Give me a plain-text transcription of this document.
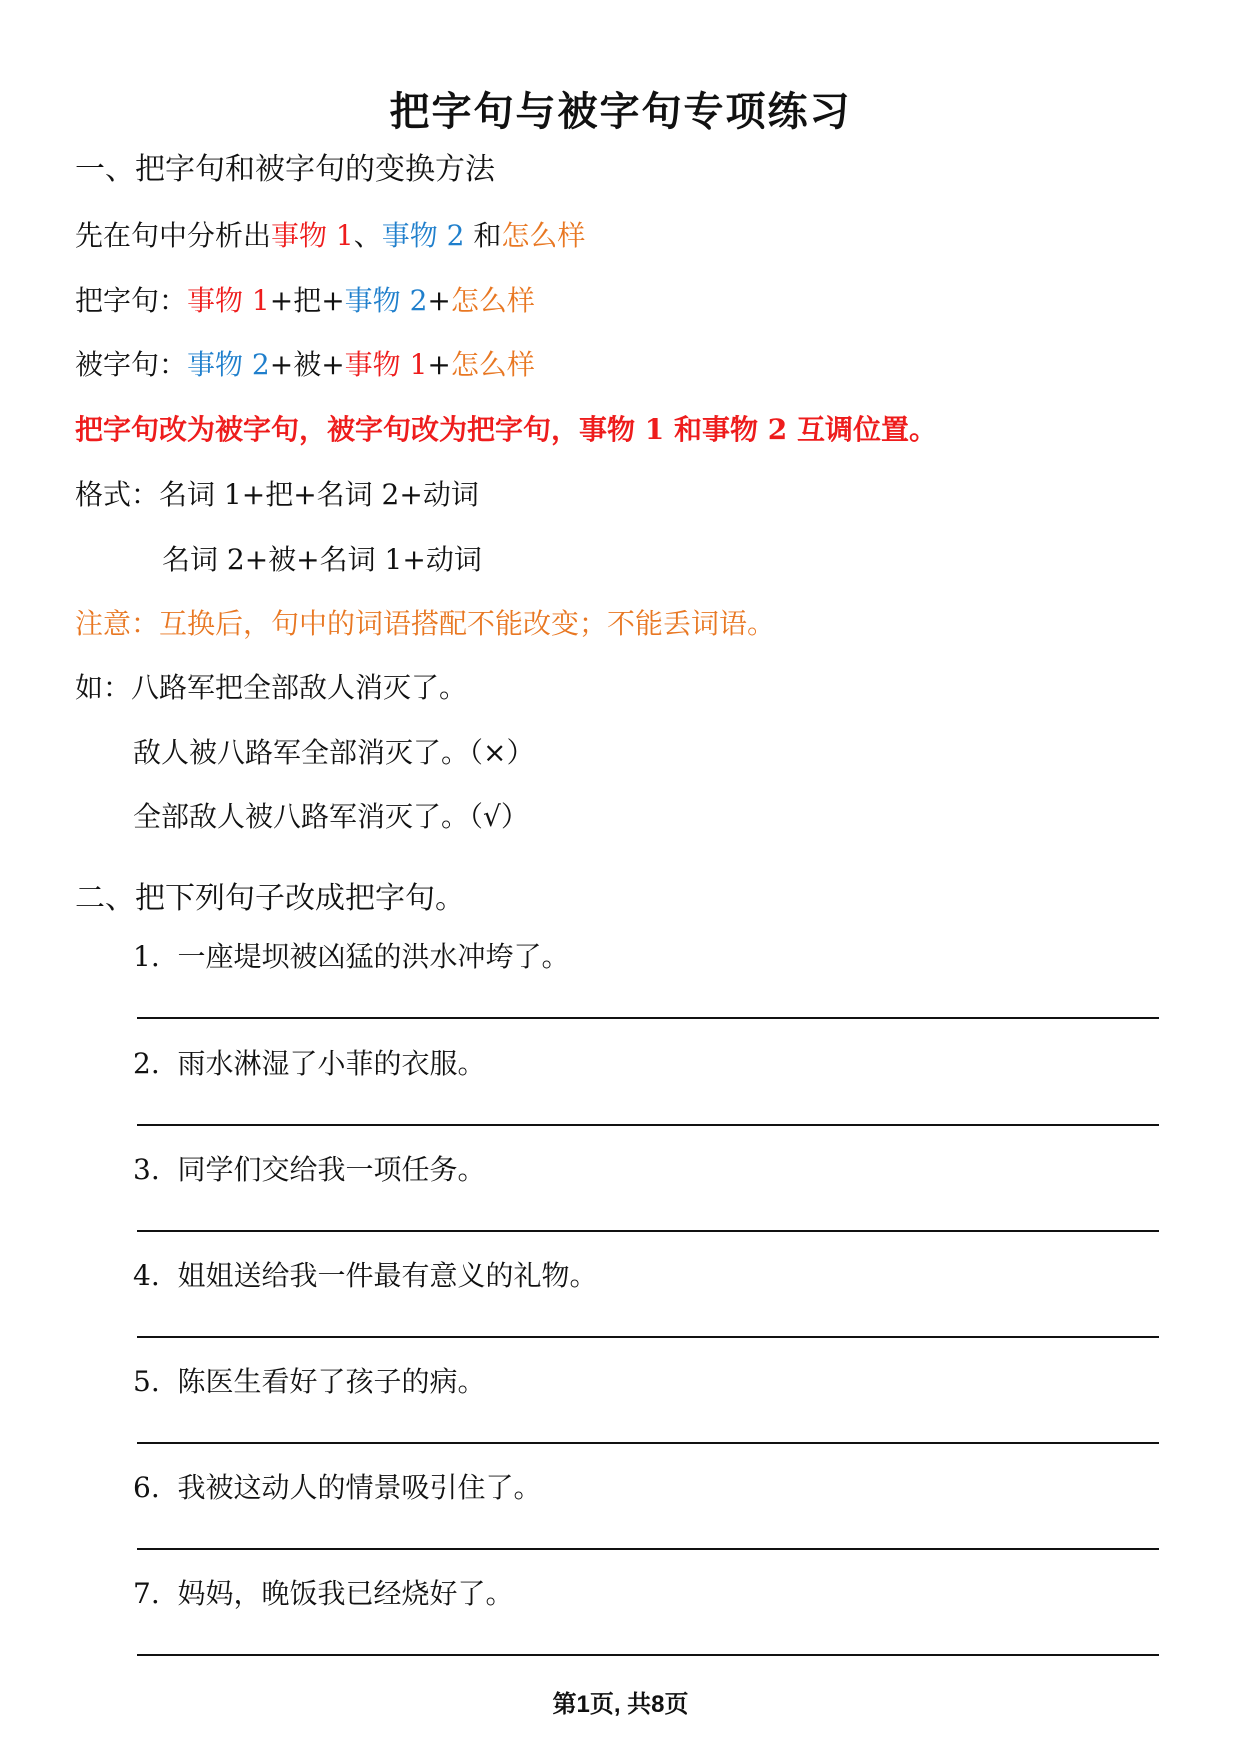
把字句与被字句专项练习
一、把字句和被字句的变换方法
先在句中分析出事物 1、事物 2 和怎么样
把字句：事物 1+把+事物 2+怎么样
被字句：事物 2+被+事物 1+怎么样
把字句改为被字句，被字句改为把字句，事物 1 和事物 2 互调位置。
格式：名词 1+把+名词 2+动词
名词 2+被+名词 1+动词
注意：互换后，句中的词语搭配不能改变；不能丢词语。
如：八路军把全部敌人消灭了。
敌人被八路军全部消灭了。（×）
全部敌人被八路军消灭了。（√）
二、把下列句子改成把字句。
1. 一座堤坝被凶猛的洪水冲垮了。
2. 雨水淋湿了小菲的衣服。
3. 同学们交给我一项任务。
4. 姐姐送给我一件最有意义的礼物。
5. 陈医生看好了孩子的病。
6. 我被这动人的情景吸引住了。
7. 妈妈，晚饭我已经烧好了。
第1页, 共8页
